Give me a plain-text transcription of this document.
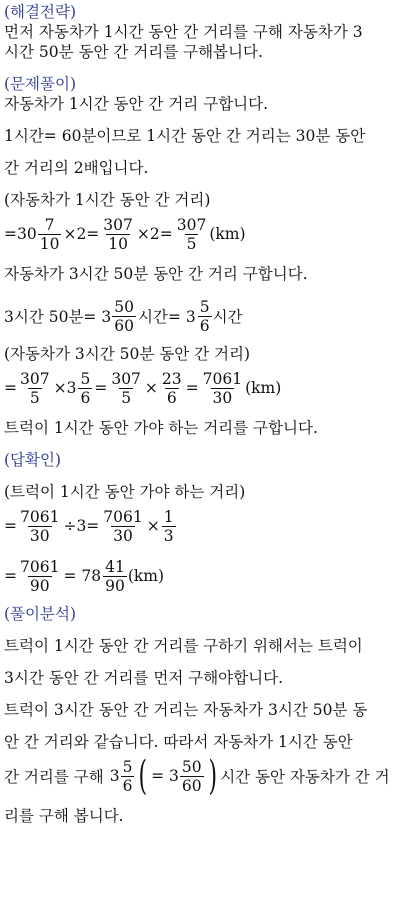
(해결전략)

먼저 자동차가 1시간 동안 간 거리를 구해 자동차가 3

시간 50분 동안 간 거리를 구해봅니다.

(문제풀이)

자동차가 1시간 동안 간 거리 구합니다.

1시간= 60분이므로 1시간 동안 간 거리는 30분 동안

간 거리의 2배입니다.

(자동차가 1시간 동안 간 거리)

$=30 \frac{7}{10} \times 2= \frac{307}{10} \times 2= \frac{307}{5} (km)$

자동차가 3시간 50분 동안 간 거리 구합니다.

3시간 50분= $3 \frac{50}{60}$ 시간= $3 \frac{5}{6}$ 시간

(자동차가 3시간 50분 동안 간 거리)

= $\frac{307}{5} \times 3 \frac{5}{6} = \frac{307}{5} \times \frac{23}{6} = \frac{7061}{30} (km)$

트럭이 1시간 동안 가야 하는 거리를 구합니다.

(답확인)

(트럭이 1시간 동안 가야 하는 거리)

= $\frac{7061}{30} \div 3= \frac{7061}{30} \times \frac{1}{3}$
= $\frac{7061}{90} = 78 \frac{41}{90} (km)$

(풀이분석)

트럭이 1시간 동안 간 거리를 구하기 위해서는 트럭이

3시간 동안 간 거리를 먼저 구해야합니다.

트럭이 3시간 동안 간 거리는 자동차가 3시간 50분 동

안 간 거리와 같습니다. 따라서 자동차가 1시간 동안

간 거리를 구해 $3 \frac{5}{6}$ ( = $3 \frac{50}{60}$ ) 시간 동안 자동차가 간 거

리를 구해 봅니다.
